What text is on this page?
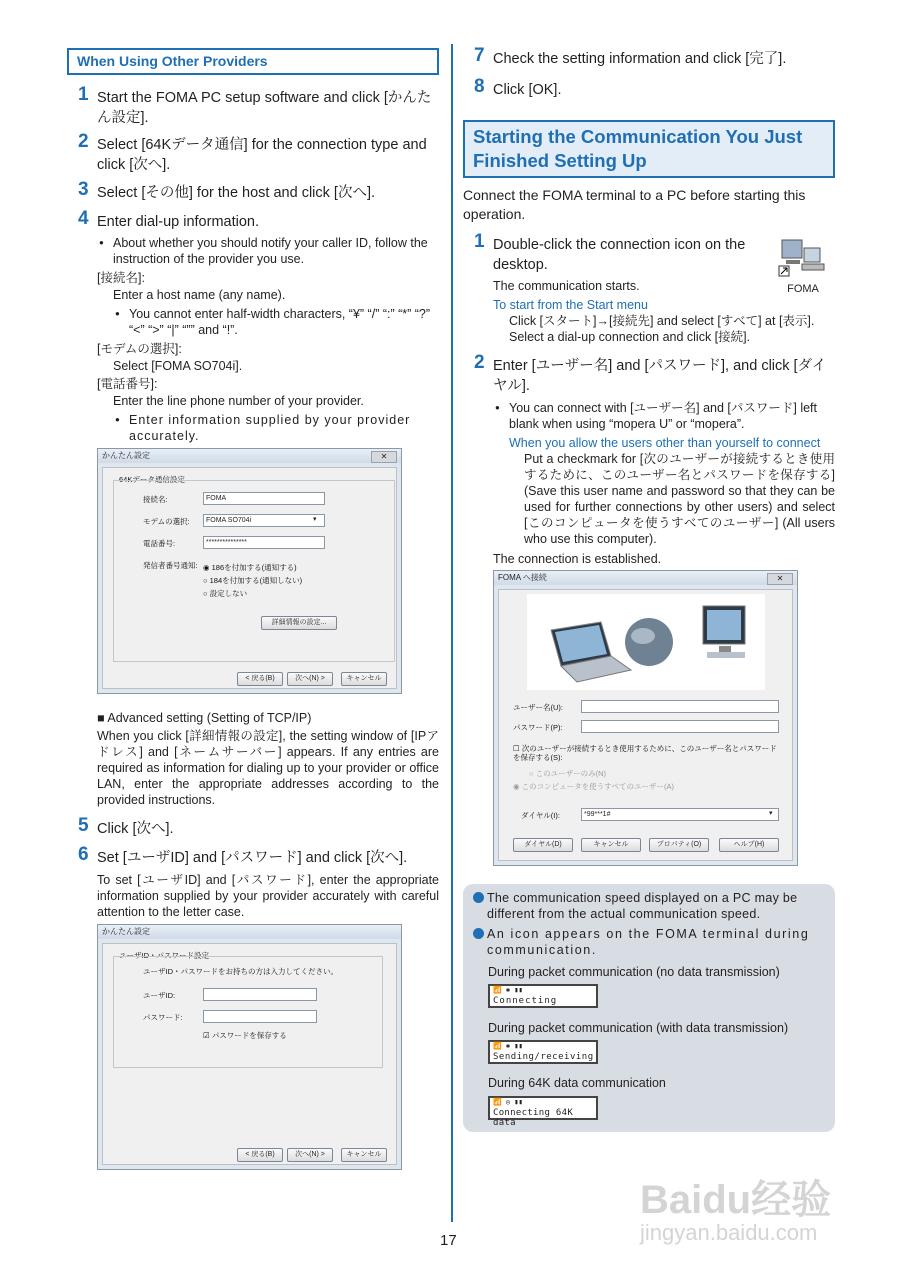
When Using Other Providers
1 Start the FOMA PC setup software and click [かんたん設定].
2 Select [64Kデータ通信] for the connection type and click [次へ].
3 Select [その他] for the host and click [次へ].
4 Enter dial-up information.
● About whether you should notify your caller ID, follow the instruction of the provider you use.
[接続名]:
Enter a host name (any name).
● You cannot enter half-width characters, “¥” “/” “:” “*” “?” “<” “>” “|” “”” and “!”.
[モデムの選択]:
Select [FOMA SO704i].
[電話番号]:
Enter the line phone number of your provider.
● Enter information supplied by your provider accurately.
かんたん設定	✕
64Kデータ通信設定
接続名:	FOMA
モデムの選択:	FOMA SO704i	▾
電話番号:	***************
発信者番号通知: ◉ 186を付加する(通知する)
○ 184を付加する(通知しない)
○ 設定しない
詳細情報の設定...
< 戻る(B)	次へ(N) >	キャンセル
■ Advanced setting (Setting of TCP/IP)
When you click [詳細情報の設定], the setting window of [IPアドレス] and [ネームサーバー] appears. If any entries are required as information for dialing up to your provider or office LAN, enter the appropriate addresses according to the provided instructions.
5 Click [次へ].
6 Set [ユーザID] and [パスワード] and click [次へ].
To set [ユーザID] and [パスワード], enter the appropriate information supplied by your provider accurately with careful attention to the letter case.
かんたん設定
ユーザID・パスワード設定
ユーザID・パスワードをお持ちの方は入力してください。
ユーザID:
パスワード:
☑ パスワードを保存する
< 戻る(B)	次へ(N) >	キャンセル
7 Check the setting information and click [完了].
8 Click [OK].
Starting the Communication You Just Finished Setting Up
Connect the FOMA terminal to a PC before starting this operation.
1 Double-click the connection icon on the desktop.
FOMA
The communication starts.
To start from the Start menu
Click [スタート]→[接続先] and select [すべて] at [表示]. Select a dial-up connection and click [接続].
2 Enter [ユーザー名] and [パスワード], and click [ダイヤル].
● You can connect with [ユーザー名] and [パスワード] left blank when using “mopera U” or “mopera”.
When you allow the users other than yourself to connect
Put a checkmark for [次のユーザーが接続するとき使用するために、このユーザー名とパスワードを保存する] (Save this user name and password so that they can be used for further connections by other users) and select [このコンピュータを使うすべてのユーザー] (All users who use this computer).
The connection is established.
FOMA へ接続	✕
ユーザー名(U):
パスワード(P):
☐ 次のユーザーが接続するとき使用するために、このユーザー名とパスワードを保存する(S):
○ このユーザーのみ(N)
◉ このコンピュータを使うすべてのユーザー(A)
ダイヤル(I):	*99***1#	▾
ダイヤル(D)	キャンセル	プロパティ(O)	ヘルプ(H)
The communication speed displayed on a PC may be different from the actual communication speed.
An icon appears on the FOMA terminal during communication.
During packet communication (no data transmission)
📶 ✱ ▮▮
Connecting
During packet communication (with data transmission)
📶 ✱ ▮▮
Sending/receiving
During 64K data communication
📶 ◎ ▮▮
Connecting 64K data
17
Baidu经验
jingyan.baidu.com
